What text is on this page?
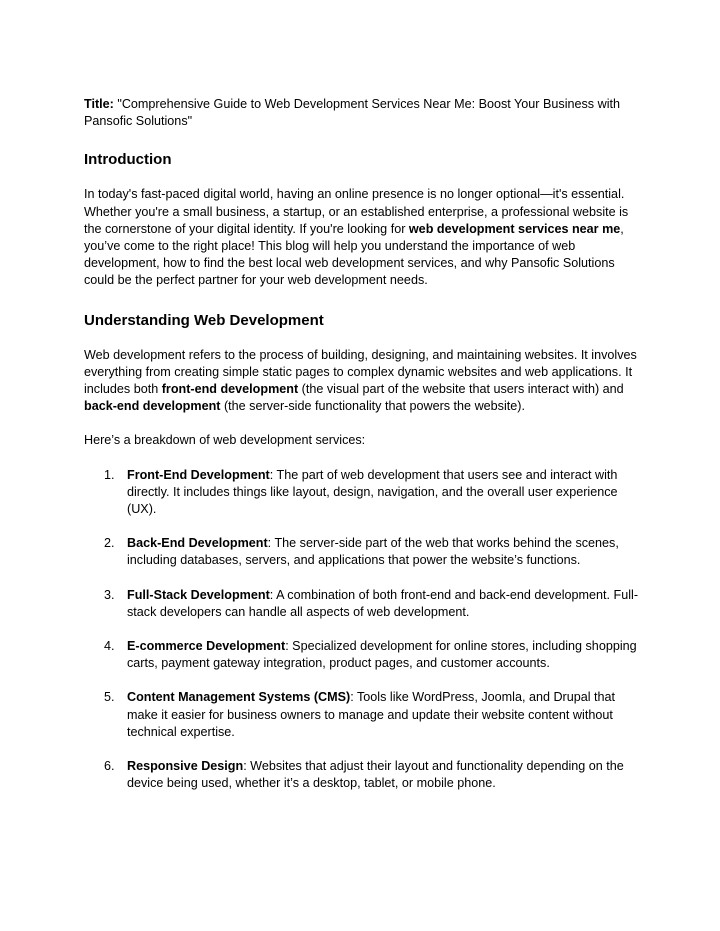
Title: "Comprehensive Guide to Web Development Services Near Me: Boost Your Business with Pansofic Solutions"

Introduction

In today's fast-paced digital world, having an online presence is no longer optional—it's essential. Whether you're a small business, a startup, or an established enterprise, a professional website is the cornerstone of your digital identity. If you're looking for web development services near me, you’ve come to the right place! This blog will help you understand the importance of web development, how to find the best local web development services, and why Pansofic Solutions could be the perfect partner for your web development needs.

Understanding Web Development

Web development refers to the process of building, designing, and maintaining websites. It involves everything from creating simple static pages to complex dynamic websites and web applications. It includes both front-end development (the visual part of the website that users interact with) and back-end development (the server-side functionality that powers the website).

Here’s a breakdown of web development services:

1. Front-End Development: The part of web development that users see and interact with directly. It includes things like layout, design, navigation, and the overall user experience (UX).
2. Back-End Development: The server-side part of the web that works behind the scenes, including databases, servers, and applications that power the website’s functions.
3. Full-Stack Development: A combination of both front-end and back-end development. Full-stack developers can handle all aspects of web development.
4. E-commerce Development: Specialized development for online stores, including shopping carts, payment gateway integration, product pages, and customer accounts.
5. Content Management Systems (CMS): Tools like WordPress, Joomla, and Drupal that make it easier for business owners to manage and update their website content without technical expertise.
6. Responsive Design: Websites that adjust their layout and functionality depending on the device being used, whether it’s a desktop, tablet, or mobile phone.
